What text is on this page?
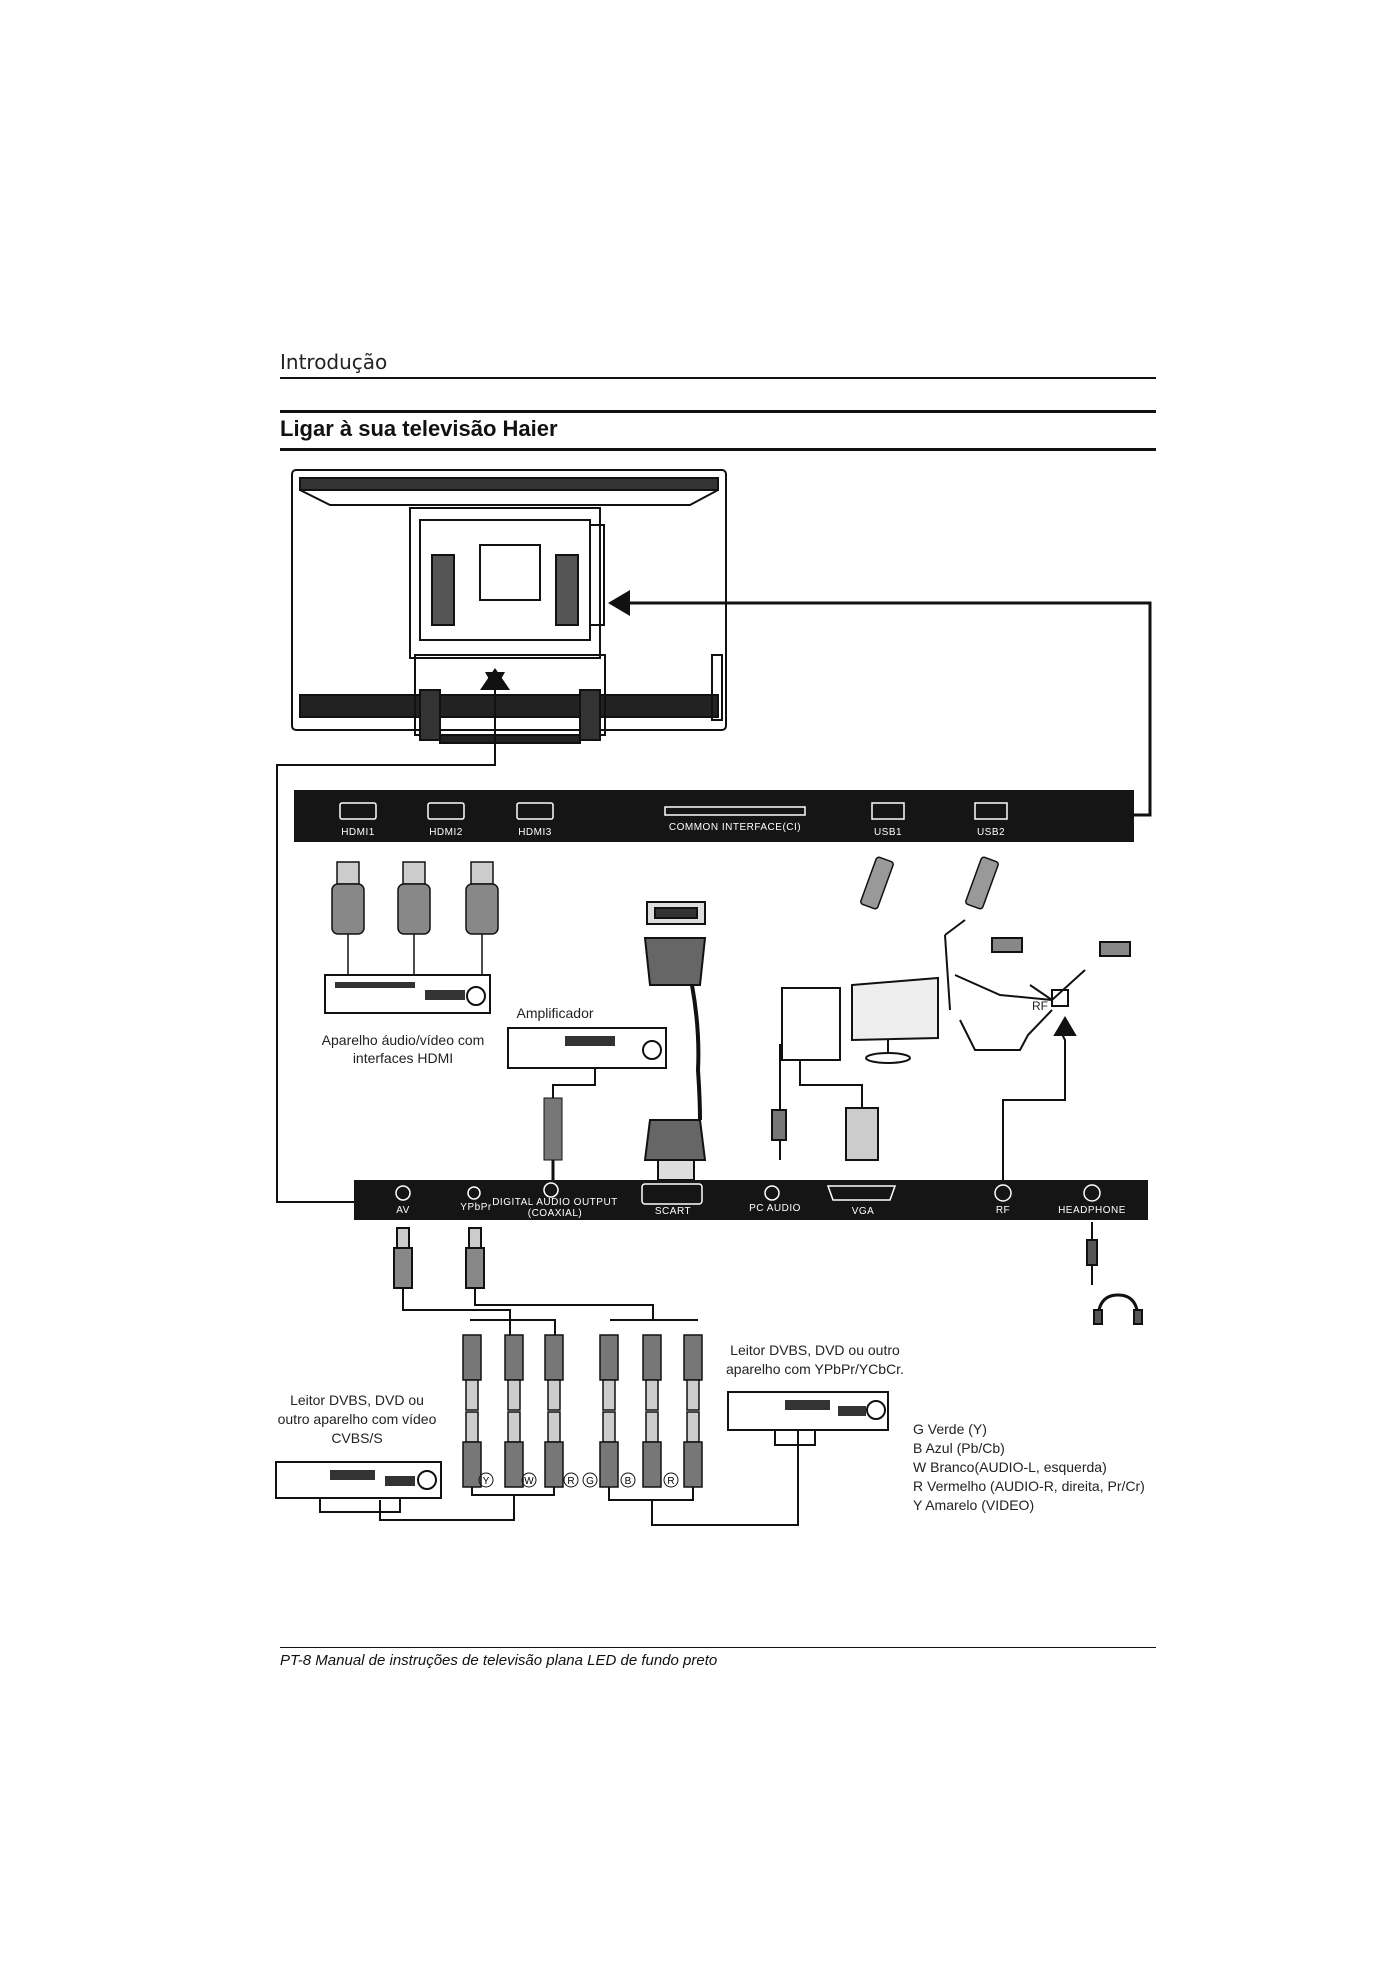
Introdução
Ligar à sua televisão Haier
HDMI1	HDMI2	HDMI3	COMMON INTERFACE(CI)	USB1	USB2
Aparelho áudio/vídeo com
interfaces HDMI
Amplificador	RF
AV	YPbPr DIGITAL AUDIO OUTPUT
(COAXIAL)	SCART	PC AUDIO	VGA	RF	HEADPHONE
Y	W	R G	B	R
Leitor DVBS, DVD ou
outro aparelho com vídeo
CVBS/S
Leitor DVBS, DVD ou outro
aparelho com YPbPr/YCbCr.
G Verde (Y)
B Azul (Pb/Cb)
W Branco(AUDIO-L, esquerda)
R Vermelho (AUDIO-R, direita, Pr/Cr)
Y Amarelo (VIDEO)
PT-8 Manual de instruções de televisão plana LED de fundo preto
